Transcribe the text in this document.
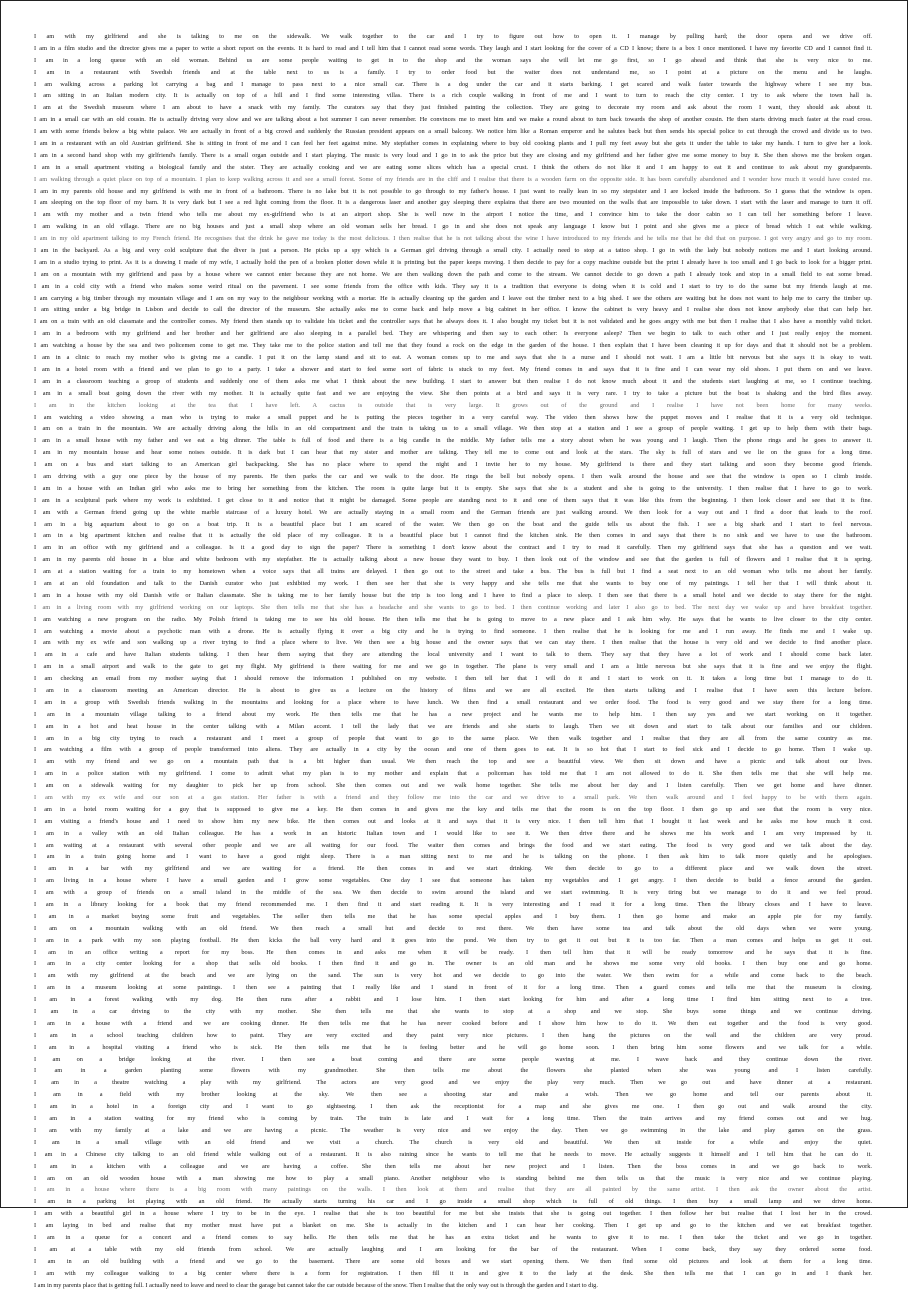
I am with my girlfriend and she is talking to me on the sidewalk. We walk together to the car and I try to figure out how to open it. I manage by pulling hard; the door opens and we drive off.
I am in a film studio and the director gives me a paper to write a short report on the events. It is hard to read and I tell him that I cannot read some words. They laugh and I start looking for the cover of a CD I know; there is a box I once mentioned. I have my favorite CD and I cannot find it.
I am in a long queue with an old woman. Behind us are some people waiting to get in to the shop and the woman says she will let me go first, so I go ahead and think that she is very nice to me.
I am in a restaurant with Swedish friends and at the table next to us is a family. I try to order food but the waiter does not understand me, so I point at a picture on the menu and he laughs.
I am walking across a parking lot carrying a bag and I manage to pass next to a nice small car. There is a dog under the car and it starts barking. I get scared and walk faster towards the highway where I see my bus.
I am sitting in an Italian modern city. It is actually on top of a hill and I find some interesting villas. There is a rich couple walking in front of me and I want to turn to reach the city center. I try to ask where the town hall is.
I am at the Swedish museum where I am about to have a snack with my family. The curators say that they just finished painting the collection. They are going to decorate my room and ask about the room I want, they should ask about it.
I am in a small car with an old cousin. He is actually driving very slow and we are talking about a hot summer I can never remember. He convinces me to meet him and we make a round about to turn back towards the shop of another cousin. He then starts driving much faster at the road cross.
I am with some friends below a big white palace. We are actually in front of a big crowd and suddenly the Russian president appears on a small balcony. We notice him like a Roman emperor and he salutes back but then sends his special police to cut through the crowd and divide us to two.
I am in a restaurant with an old Austrian girlfriend. She is sitting in front of me and I can feel her feet against mine. My stepfather comes in explaining where to buy old cooking plants and I pull my feet away but she gets it under the table to take my hands. I turn to give her a look.
I am in a second hand shop with my girlfriend's family. There is a small organ outside and I start playing. The music is very loud and I go in to ask the price but they are closing and my girlfriend and her father give me some money to buy it. She then shows me the broken organ.
I am in a small apartment visiting a biological family and the sister. They are actually cooking and we are eating some slices which has a special crust. I think the others do not like it and I am happy to eat it and continue to ask about my grandparents.
I am walking through a quiet place on top of a mountain. I plan to keep walking across it and see a small forest. Some of my friends are in the cliff and I realise that there is a wooden farm on the opposite side. It has been carefully abandoned and I wonder how much it would have costed me.
I am in my parents old house and my girlfriend is with me in front of a bathroom. There is no lake but it is not possible to go through to my father's house. I just want to really lean in so my stepsister and I are locked inside the bathroom. So I guess that the window is open.
I am sleeping on the top floor of my barn. It is very dark but I see a red light coming from the floor. It is a dangerous laser and another guy sleeping there explains that there are two mounted on the walls that are impossible to take down. I start with the laser and manage to turn it off.
I am with my mother and a twin friend who tells me about my ex-girlfriend who is at an airport shop. She is well now in the airport I notice the time, and I convince him to take the door cabin so I can tell her something before I leave.
I am walking in an old village. There are no big houses and just a small shop where an old woman sells her bread. I go in and she does not speak any language I know but I point and she gives me a piece of bread which I eat while walking.
I am in my old apartment talking to my French friend. He recognises that the drink he gave me today is the most delicious. I then realise that he is not talking about the wine I have introduced to my friends and he tells me that he did that on purpose. I got very angry and go to my room.
I am in the backyard. As a big and very cold sculpture that the diver is just a person. He picks up a spy which is a German girl driving through a small city. I actually need to stop at a tattoo shop. I go in with the lady but nobody notices me and I start looking around.
I am in a studio trying to print. As it is a drawing I made of my wife, I actually hold the pen of a broken plotter down while it is printing but the paper keeps moving. I then decide to pay for a copy machine outside but the print I already have is too small and I go back to look for a bigger print.
I am on a mountain with my girlfriend and pass by a house where we cannot enter because they are not home. We are then walking down the path and come to the stream. We cannot decide to go down a path I already took and stop in a small field to eat some bread.
I am in a cold city with a friend who makes some weird ritual on the pavement. I see some friends from the office with kids. They say it is a tradition that everyone is doing when it is cold and I start to try to do the same but my friends laugh at me.
I am carrying a big timber through my mountain village and I am on my way to the neighbour working with a mortar. He is actually cleaning up the garden and I leave out the timber next to a big shed. I see the others are waiting but he does not want to help me to carry the timber up.
I am sitting under a big bridge in Lisbon and decide to call the director of the museum. She actually asks me to come back and help move a big cabinet in her office. I know the cabinet is very heavy and I realise she does not know anybody else that can help her.
I am on a train with an old classmate and the controller comes. My friend then stands up to validate his ticket and the controller says that he always does it. I also bought my ticket but it is not validated and he goes angry with me but then I realise that I also have a monthly valid ticket.
I am in a bedroom with my girlfriend and her brother and her girlfriend are also sleeping in a parallel bed. They are whispering and then say to each other: Is everyone asleep? Then we begin to talk to each other and I just really enjoy the moment.
I am watching a house by the sea and two policemen come to get me. They take me to the police station and tell me that they found a rock on the edge in the garden of the house. I then explain that I have been cleaning it up for days and that it should not be a problem.
I am in a clinic to reach my mother who is giving me a candle. I put it on the lamp stand and sit to eat. A woman comes up to me and says that she is a nurse and I should not wait. I am a little bit nervous but she says it is okay to wait.
I am in a hotel room with a friend and we plan to go to a party. I take a shower and start to feel some sort of fabric is stuck to my feet. My friend comes in and says that it is fine and I can wear my old shoes. I put them on and we leave.
I am in a classroom teaching a group of students and suddenly one of them asks me what I think about the new building. I start to answer but then realise I do not know much about it and the students start laughing at me, so I continue teaching.
I am in a small boat going down the river with my mother. It is actually quite fast and we are enjoying the view. She then points at a bird and says it is very rare. I try to take a picture but the boat is shaking and the bird flies away.
I am in the kitchen looking at the tea that I have left. A cactus is outside that is very large. It grows out of the ground and I realise I have not been home for many weeks.
I am watching a video showing a man who is trying to make a small puppet and he is putting the pieces together in a very careful way. The video then shows how the puppet moves and I realise that it is a very old technique.
I am on a train in the mountain. We are actually driving along the hills in an old compartment and the train is taking us to a small village. We then stop at a station and I see a group of people waiting. I get up to help them with their bags.
I am in a small house with my father and we eat a big dinner. The table is full of food and there is a big candle in the middle. My father tells me a story about when he was young and I laugh. Then the phone rings and he goes to answer it.
I am in my mountain house and hear some noises outside. It is dark but I can hear that my sister and mother are talking. They tell me to come out and look at the stars. The sky is full of stars and we lie on the grass for a long time.
I am on a bus and start talking to an American girl backpacking. She has no place where to spend the night and I invite her to my house. My girlfriend is there and they start talking and soon they become good friends.
I am driving with a guy one piece by the house of my parents. He then parks the car and we walk to the door. He rings the bell but nobody opens. I then walk around the house and see that the window is open so I climb inside.
I am in a house with an Indian girl who asks me to bring her something from the kitchen. The room is quite large but it is empty. She says that she is a student and she is going to the university. I then realise that I have to go to work.
I am in a sculptural park where my work is exhibited. I get close to it and notice that it might be damaged. Some people are standing next to it and one of them says that it was like this from the beginning. I then look closer and see that it is fine.
I am with a German friend going up the white marble staircase of a luxury hotel. We are actually staying in a small room and the German friends are just walking around. We then look for a way out and I find a door that leads to the roof.
I am in a big aquarium about to go on a boat trip. It is a beautiful place but I am scared of the water. We then go on the boat and the guide tells us about the fish. I see a big shark and I start to feel nervous.
I am in a big apartment kitchen and realise that it is actually the old place of my colleague. It is a beautiful place but I cannot find the kitchen sink. He then comes in and says that there is no sink and we have to use the bathroom.
I am in an office with my girlfriend and a colleague. Is it a good day to sign the paper? There is something I don't know about the contract and I try to read it carefully. Then my girlfriend says that she has a question and we wait.
I am in my parents old house in a blue and white bedroom with my stepfather. He is actually talking about a new house they want to buy. I then look out of the window and see that the garden is full of flowers and I realise that it is spring.
I am at a station waiting for a train to my hometown when a voice says that all trains are delayed. I then go out to the street and take a bus. The bus is full but I find a seat next to an old woman who tells me about her family.
I am at an old foundation and talk to the Danish curator who just exhibited my work. I then see her that she is very happy and she tells me that she wants to buy one of my paintings. I tell her that I will think about it.
I am in a house with my old Danish wife or Italian classmate. She is taking me to her family house but the trip is too long and I have to find a place to sleep. I then see that there is a small hotel and we decide to stay there for the night.
I am in a living room with my girlfriend working on our laptops. She then tells me that she has a headache and she wants to go to bed. I then continue working and later I also go to bed. The next day we wake up and have breakfast together.
I am watching a new program on the radio. My Polish friend is taking me to see his old house. He then tells me that he is going to move to a new place and I ask him why. He says that he wants to live closer to the city center.
I am watching a movie about a psychotic man with a drone. He is actually flying it over a big city and he is trying to find someone. I then realise that he is looking for me and I run away. He finds me and I wake up.
I am with my ex wife and son walking up a river trying to find a place where to live. We then see a big house and the owner says that we can stay there. I then realise that the house is very old and we decide to find another place.
I am in a cafe and have Italian students talking. I then hear them saying that they are attending the local university and I want to talk to them. They say that they have a lot of work and I should come back later.
I am in a small airport and walk to the gate to get my flight. My girlfriend is there waiting for me and we go in together. The plane is very small and I am a little nervous but she says that it is fine and we enjoy the flight.
I am checking an email from my mother saying that I should remove the information I published on my website. I then tell her that I will do it and I start to work on it. It takes a long time but I manage to do it.
I am in a classroom meeting an American director. He is about to give us a lecture on the history of films and we are all excited. He then starts talking and I realise that I have seen this lecture before.
I am in a group with Swedish friends walking in the mountains and looking for a place where to have lunch. We then find a small restaurant and we order food. The food is very good and we stay there for a long time.
I am in a mountain village talking to a friend about my work. He then tells me that he has a new project and he wants me to help him. I then say yes and we start working on it together.
I am in a hot and heat house in the center talking with a Milan accent. I tell the lady that we are friends and she starts to laugh. Then we sit down and start to talk about our families and our children.
I am in a big city trying to reach a restaurant and I meet a group of people that want to go to the same place. We then walk together and I realise that they are all from the same country as me.
I am watching a film with a group of people transformed into aliens. They are actually in a city by the ocean and one of them goes to eat. It is so hot that I start to feel sick and I decide to go home. Then I wake up.
I am with my friend and we go on a mountain path that is a bit higher than usual. We then reach the top and see a beautiful view. We then sit down and have a picnic and talk about our lives.
I am in a police station with my girlfriend. I come to admit what my plan is to my mother and explain that a policeman has told me that I am not allowed to do it. She then tells me that she will help me.
I am on a sidewalk waiting for my daughter to pick her up from school. She then comes out and we walk home together. She tells me about her day and I listen carefully. Then we get home and have dinner.
I am with my ex wife and our son at a gas station. Her father is with a friend and they follow me into the car and we drive to a small park. We then walk around and I feel happy to be with them again.
I am in a hotel room waiting for a guy that is supposed to give me a key. He then comes in and gives me the key and tells me that the room is on the top floor. I then go up and see that the room is very nice.
I am visiting a friend's house and I need to show him my new bike. He then comes out and looks at it and says that it is very nice. I then tell him that I bought it last week and he asks me how much it cost.
I am in a valley with an old Italian colleague. He has a work in an historic Italian town and I would like to see it. We then drive there and he shows me his work and I am very impressed by it.
I am waiting at a restaurant with several other people and we are all waiting for our food. The waiter then comes and brings the food and we start eating. The food is very good and we talk about the day.
I am in a train going home and I want to have a good night sleep. There is a man sitting next to me and he is talking on the phone. I then ask him to talk more quietly and he apologises.
I am in a bar with my girlfriend and we are waiting for a friend. He then comes in and we start drinking. We then decide to go to a different place and we walk down the street.
I am living in a house where I have a small garden and I grow some vegetables. One day I see that someone has taken my vegetables and I get angry. I then decide to build a fence around the garden.
I am with a group of friends on a small island in the middle of the sea. We then decide to swim around the island and we start swimming. It is very tiring but we manage to do it and we feel proud.
I am in a library looking for a book that my friend recommended me. I then find it and start reading it. It is very interesting and I read it for a long time. Then the library closes and I have to leave.
I am in a market buying some fruit and vegetables. The seller then tells me that he has some special apples and I buy them. I then go home and make an apple pie for my family.
I am on a mountain walking with an old friend. We then reach a small hut and decide to rest there. We then have some tea and talk about the old days when we were young.
I am in a park with my son playing football. He then kicks the ball very hard and it goes into the pond. We then try to get it out but it is too far. Then a man comes and helps us get it out.
I am in an office writing a report for my boss. He then comes in and asks me when it will be ready. I then tell him that it will be ready tomorrow and he says that it is fine.
I am in a city center looking for a shop that sells old books. I then find it and go in. The owner is an old man and he shows me some very old books. I then buy one and go home.
I am with my girlfriend at the beach and we are lying on the sand. The sun is very hot and we decide to go into the water. We then swim for a while and come back to the beach.
I am in a museum looking at some paintings. I then see a painting that I really like and I stand in front of it for a long time. Then a guard comes and tells me that the museum is closing.
I am in a forest walking with my dog. He then runs after a rabbit and I lose him. I then start looking for him and after a long time I find him sitting next to a tree.
I am in a car driving to the city with my mother. She then tells me that she wants to stop at a shop and we stop. She buys some things and we continue driving.
I am in a house with a friend and we are cooking dinner. He then tells me that he has never cooked before and I show him how to do it. We then eat together and the food is very good.
I am in a school teaching children how to paint. They are very excited and they paint very nice pictures. I then hang the pictures on the wall and the children are very proud.
I am in a hospital visiting a friend who is sick. He then tells me that he is feeling better and he will go home soon. I then bring him some flowers and we talk for a while.
I am on a bridge looking at the river. I then see a boat coming and there are some people waving at me. I wave back and they continue down the river.
I am in a garden planting some flowers with my grandmother. She then tells me about the flowers she planted when she was young and I listen carefully.
I am in a theatre watching a play with my girlfriend. The actors are very good and we enjoy the play very much. Then we go out and have dinner at a restaurant.
I am in a field with my brother looking at the sky. We then see a shooting star and make a wish. Then we go home and tell our parents about it.
I am in a hotel in a foreign city and I want to go sightseeing. I then ask the receptionist for a map and she gives me one. I then go out and walk around the city.
I am in a station waiting for my friend who is coming by train. The train is late and I wait for a long time. Then the train arrives and my friend comes out and we hug.
I am with my family at a lake and we are having a picnic. The weather is very nice and we enjoy the day. Then we go swimming in the lake and play games on the grass.
I am in a small village with an old friend and we visit a church. The church is very old and beautiful. We then sit inside for a while and enjoy the quiet.
I am in a Chinese city talking to an old friend while walking out of a restaurant. It is also raining since he wants to tell me that he needs to move. He actually suggests it himself and I tell him that he can do it.
I am in a kitchen with a colleague and we are having a coffee. She then tells me about her new project and I listen. Then the boss comes in and we go back to work.
I am on an old wooden house with a man showing me how to play a small piano. Another neighbour who is standing behind me then tells us that the music is very nice and we continue playing.
I am in a house where there is a big room with many paintings on the walls. I then look at them and realise that they are all painted by the same artist. I then ask the owner about the artist.
I am in a parking lot playing with an old friend. He actually starts turning his car and I go inside a small shop which is full of old things. I then buy a small lamp and we drive home.
I am with a beautiful girl in a house where I try to be in the eye. I realise that she is too beautiful for me but she insists that she is going out together. I then follow her but realise that I lost her in the crowd.
I am laying in bed and realise that my mother must have put a blanket on me. She is actually in the kitchen and I can hear her cooking. Then I get up and go to the kitchen and we eat breakfast together.
I am in a queue for a concert and a friend comes to say hello. He then tells me that he has an extra ticket and he wants to give it to me. I then take the ticket and we go in together.
I am at a table with my old friends from school. We are actually laughing and I am looking for the bar of the restaurant. When I come back, they say they ordered some food.
I am in an old building with a friend and we go to the basement. There are some old boxes and we start opening them. We then find some old pictures and look at them for a long time.
I am with my colleague walking to a big center where there is a form for registration. I then fill it in and give it to the lady at the desk. She then tells me that I can go in and I thank her.
I am in my parents place that is getting full. I actually need to leave and need to clear the garage but cannot take the car outside because of the snow. Then I realise that the only way out is through the garden and I start to dig.
